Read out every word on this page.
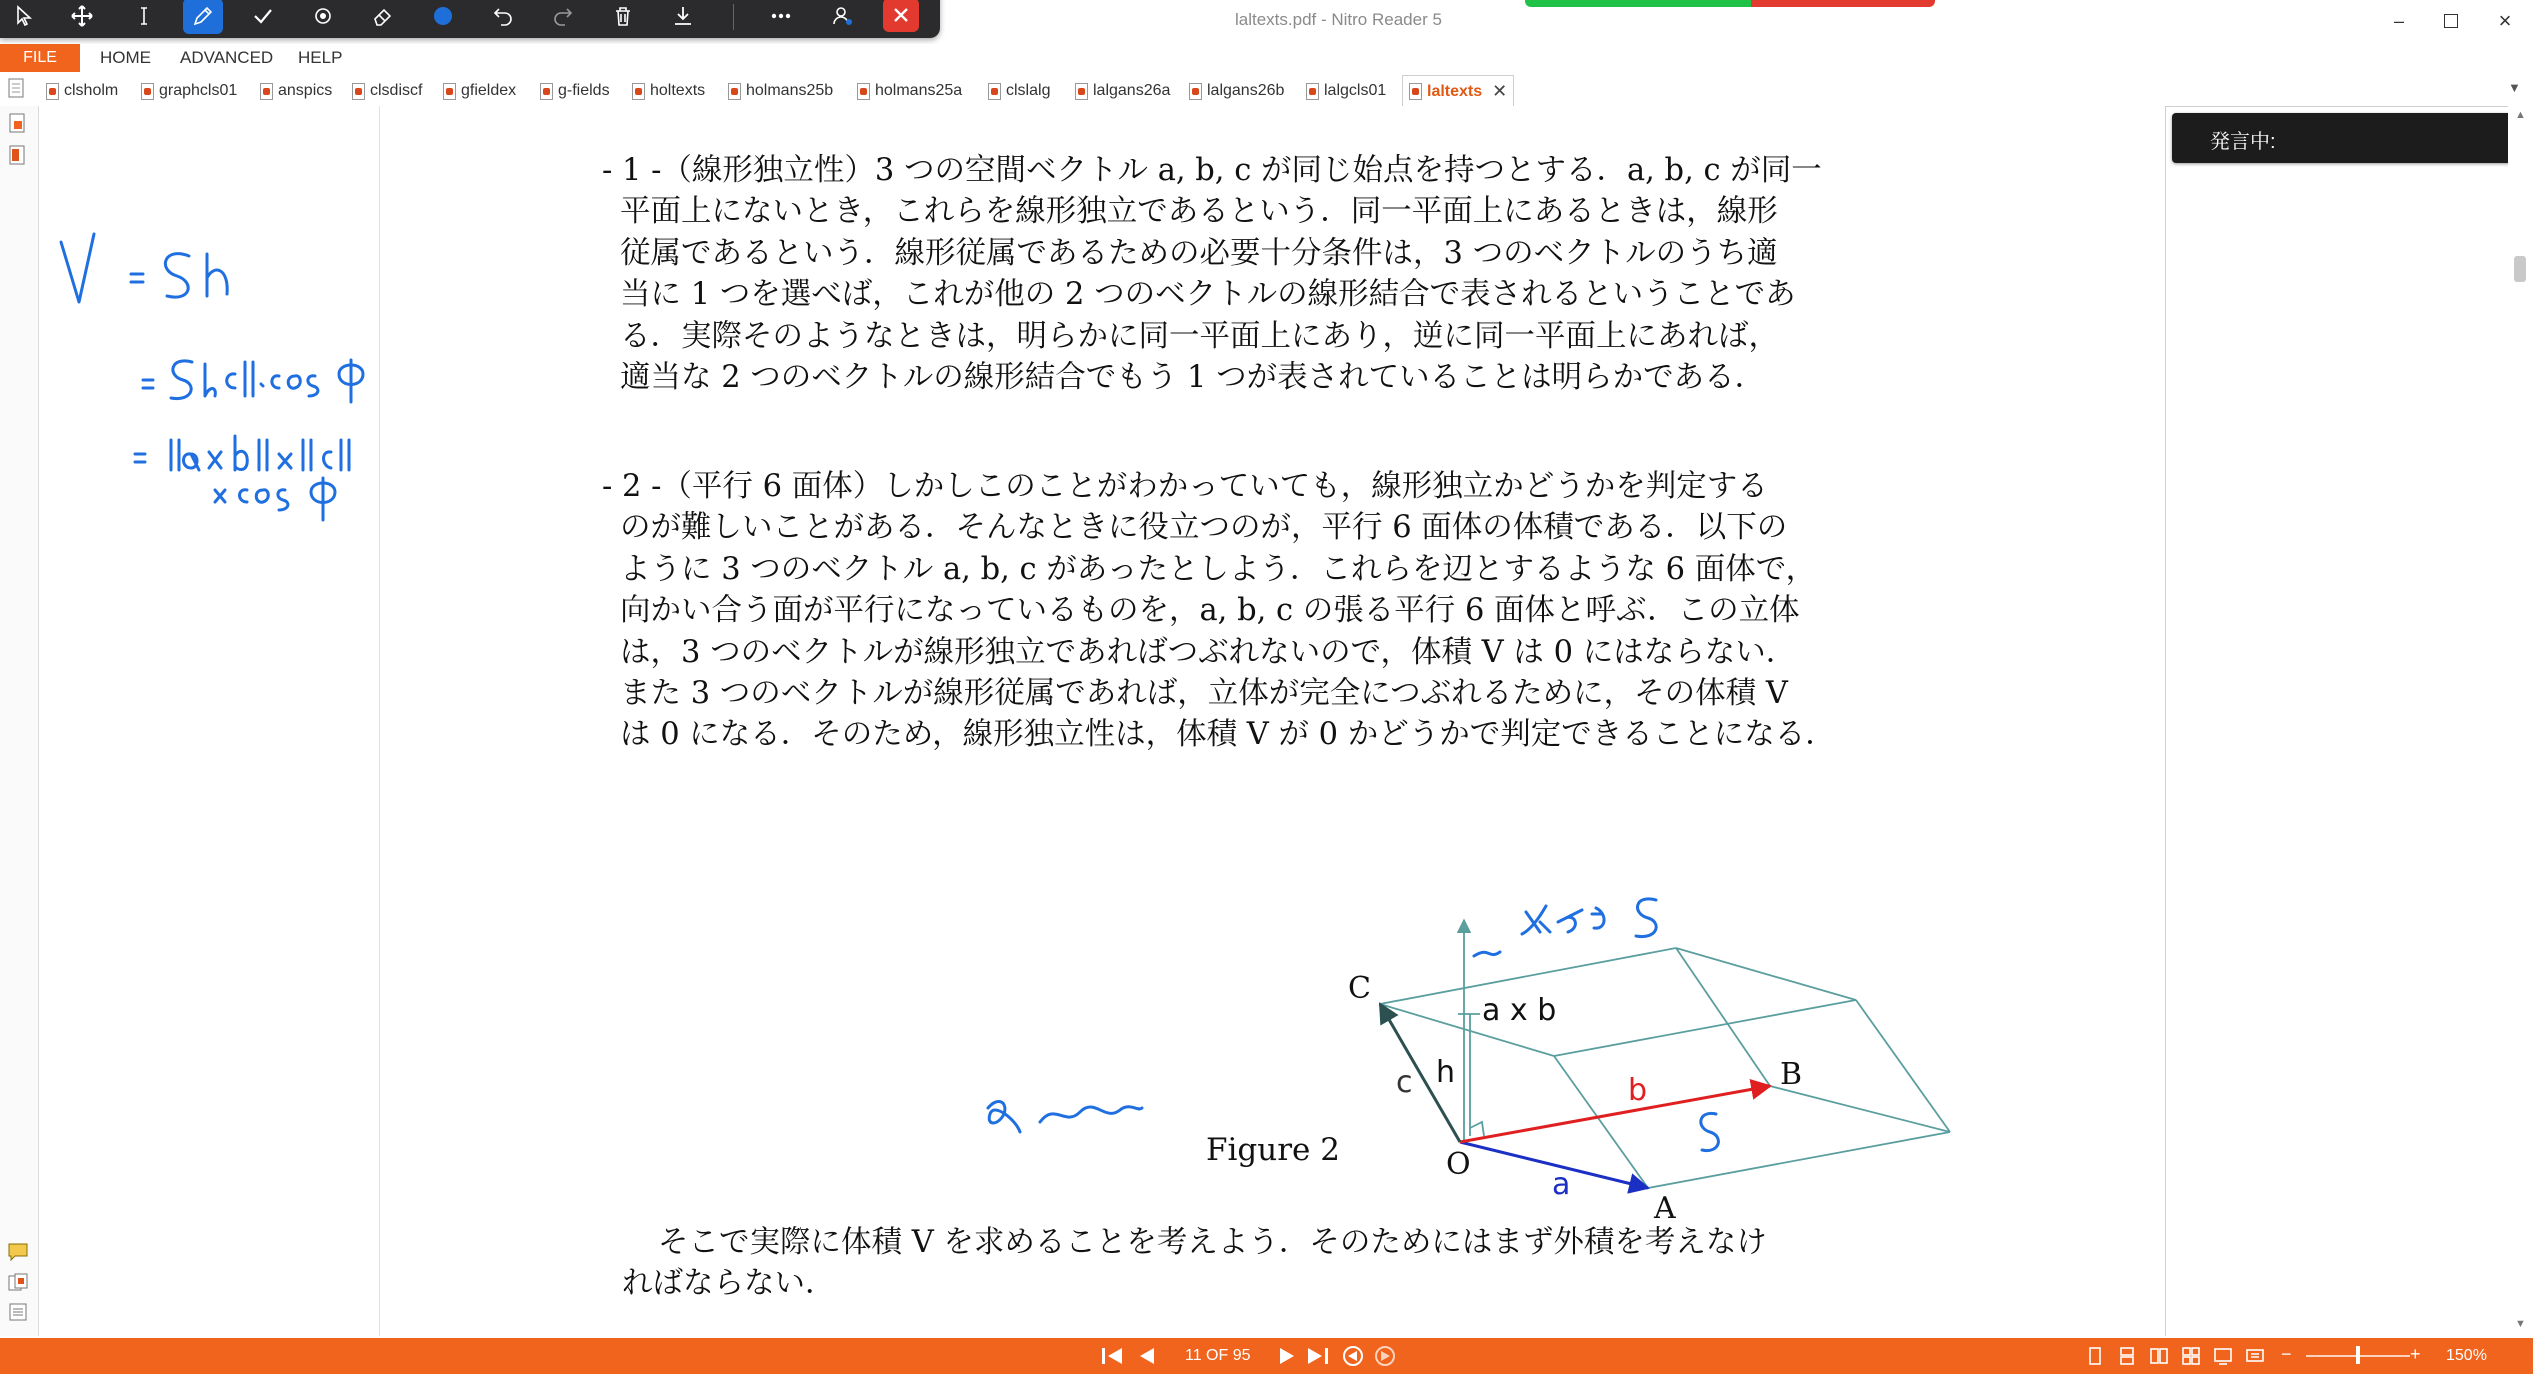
laltexts.pdf - Nitro Reader 5	–	×
FILE	HOME ADVANCED HELP
clsholm	graphcls01	anspics clsdiscf gfieldex	g-fields	holtexts	holmans25b	holmans25a	clslalg	lalgans26a lalgans26b lalgcls01	laltexts ✕	▼
- 1 -（線形独立性）3 つの空間ベクトル a, b, c が同じ始点を持つとする．a, b, c が同一
平面上にないとき，これらを線形独立であるという．同一平面上にあるときは，線形
従属であるという．線形従属であるための必要十分条件は，3 つのベクトルのうち適
当に 1 つを選べば，これが他の 2 つのベクトルの線形結合で表されるということであ
る．実際そのようなときは，明らかに同一平面上にあり，逆に同一平面上にあれば，
適当な 2 つのベクトルの線形結合でもう 1 つが表されていることは明らかである．
- 2 -（平行 6 面体）しかしこのことがわかっていても，線形独立かどうかを判定する
のが難しいことがある．そんなときに役立つのが，平行 6 面体の体積である．以下の
ように 3 つのベクトル a, b, c があったとしよう．これらを辺とするような 6 面体で，
向かい合う面が平行になっているものを，a, b, c の張る平行 6 面体と呼ぶ．この立体
は，3 つのベクトルが線形独立であればつぶれないので，体積 V は 0 にはならない．
また 3 つのベクトルが線形従属であれば，立体が完全につぶれるために，その体積 V
は 0 になる．そのため，線形独立性は，体積 V が 0 かどうかで判定できることになる．
C
B
O
A
a
b
c h
a x b
Figure 2
そこで実際に体積 V を求めることを考えよう．そのためにはまず外積を考えなけ
ればならない．
発言中:
▲
▼
11 OF 95	−	+ 150%
